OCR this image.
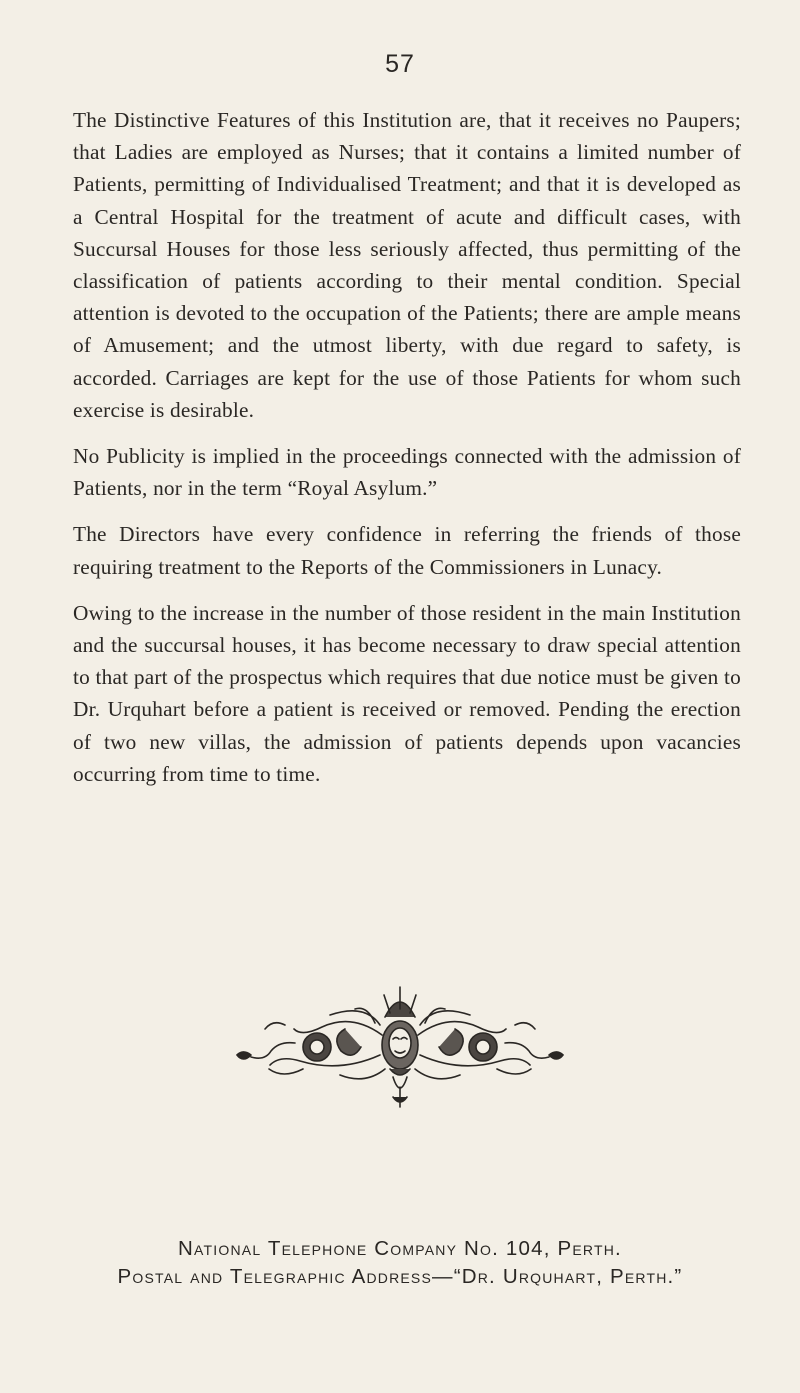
57

The Distinctive Features of this Institution are, that it receives no Paupers; that Ladies are employed as Nurses; that it contains a limited number of Patients, permitting of Individualised Treatment; and that it is developed as a Central Hospital for the treatment of acute and difficult cases, with Succursal Houses for those less seriously affected, thus permitting of the classification of patients according to their mental condition. Special attention is devoted to the occupation of the Patients; there are ample means of Amusement; and the utmost liberty, with due regard to safety, is accorded. Carriages are kept for the use of those Patients for whom such exercise is desirable.

No Publicity is implied in the proceedings connected with the admission of Patients, nor in the term “Royal Asylum.”

The Directors have every confidence in referring the friends of those requiring treatment to the Reports of the Commissioners in Lunacy.

Owing to the increase in the number of those resident in the main Institution and the succursal houses, it has become necessary to draw special attention to that part of the prospectus which requires that due notice must be given to Dr. Urquhart before a patient is received or removed. Pending the erection of two new villas, the admission of patients depends upon vacancies occurring from time to time.

National Telephone Company No. 104, Perth.
Postal and Telegraphic Address—“Dr. Urquhart, Perth.”
